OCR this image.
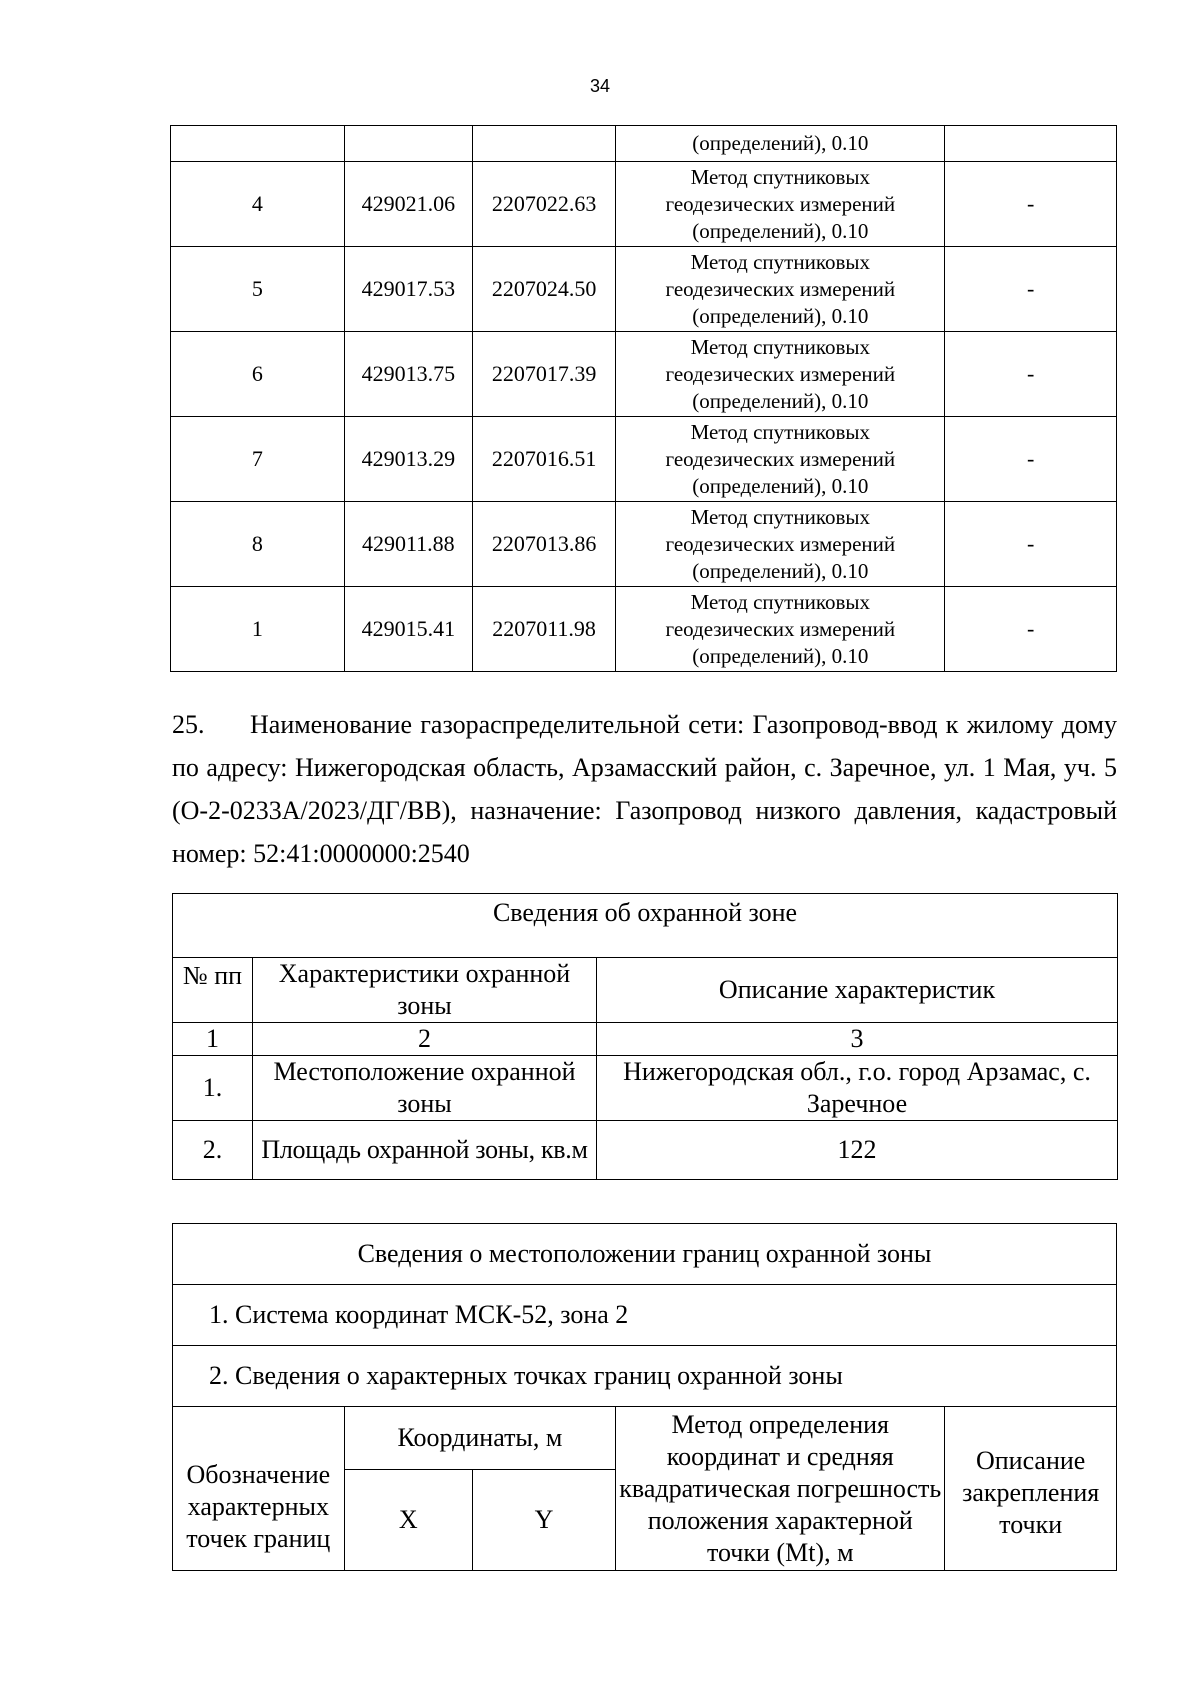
34
			(определений), 0.10	
4	429021.06	2207022.63	Метод спутниковых
геодезических измерений
(определений), 0.10	-
5	429017.53	2207024.50	Метод спутниковых
геодезических измерений
(определений), 0.10	-
6	429013.75	2207017.39	Метод спутниковых
геодезических измерений
(определений), 0.10	-
7	429013.29	2207016.51	Метод спутниковых
геодезических измерений
(определений), 0.10	-
8	429011.88	2207013.86	Метод спутниковых
геодезических измерений
(определений), 0.10	-
1	429015.41	2207011.98	Метод спутниковых
геодезических измерений
(определений), 0.10	-

25. Наименование газораспределительной сети: Газопровод-ввод к жилому дому по адресу: Нижегородская область, Арзамасский район, с. Заречное, ул. 1 Мая, уч. 5 (О-2-0233А/2023/ДГ/ВВ), назначение: Газопровод низкого давления, кадастровый номер: 52:41:0000000:2540

Сведения об охранной зоне		
№ пп	Характеристики охранной зоны	Описание характеристик
1	2	3
1.	Местоположение охранной зоны	Нижегородская обл., г.о. город Арзамас, с. Заречное
2.	Площадь охранной зоны, кв.м	122
Сведения о местоположении границ охранной зоны				
1. Система координат МСК-52, зона 2				
2. Сведения о характерных точках границ охранной зоны				
Обозначение характерных точек границ	Координаты, м		Метод определения координат и средняя квадратическая погрешность положения характерной точки (Mt), м	Описание закрепления точки
	X	Y		
